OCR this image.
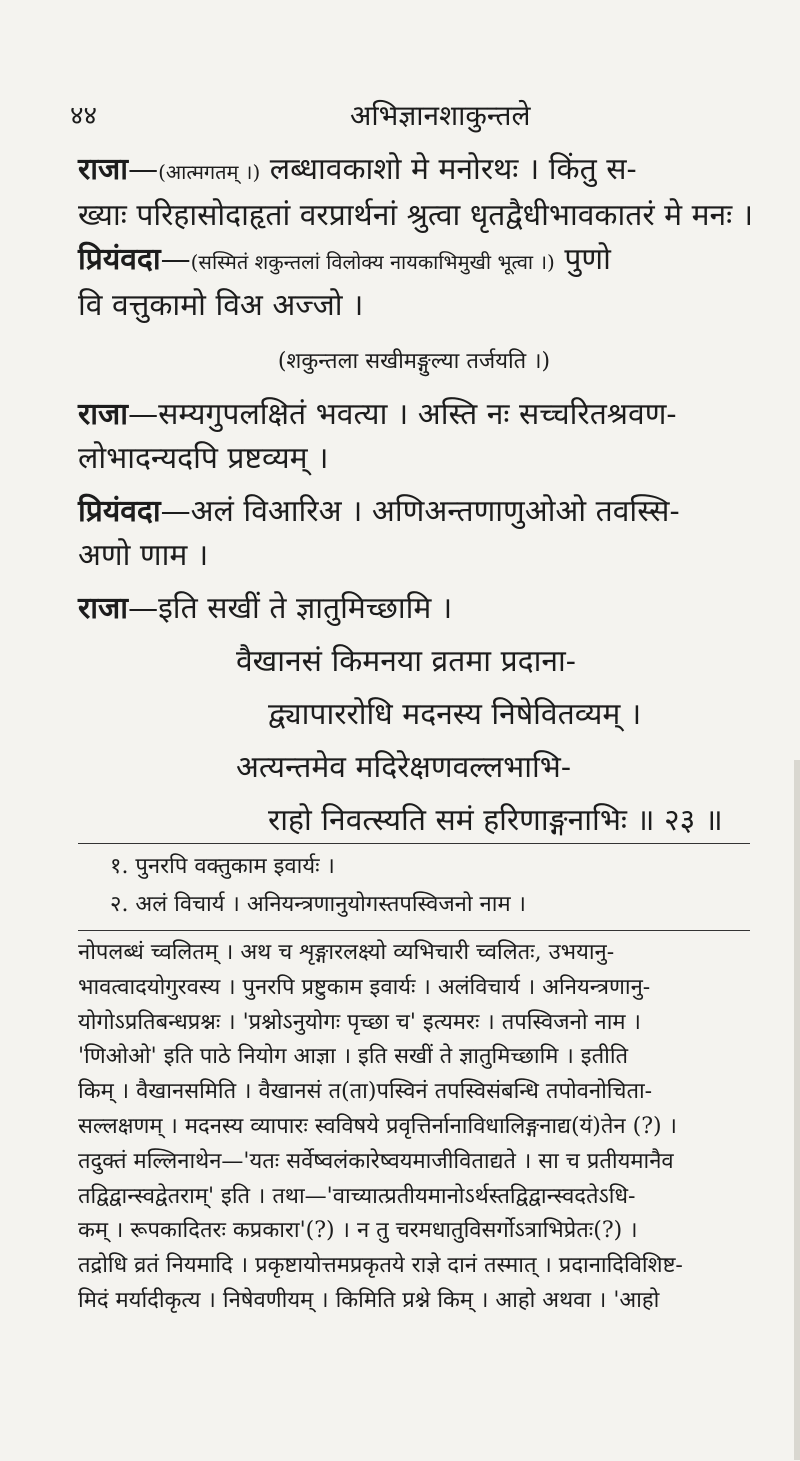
४४	अभिज्ञानशाकुन्तले
राजा—(आत्मगतम् ।) लब्धावकाशो मे मनोरथः । किंतु स-
ख्याः परिहासोदाहृतां वरप्रार्थनां श्रुत्वा धृतद्वैधीभावकातरं मे मनः ।
प्रियंवदा—(सस्मितं शकुन्तलां विलोक्य नायकाभिमुखी भूत्वा ।) पुणो
वि वत्तुकामो विअ अज्जो ।
(शकुन्तला सखीमङ्गुल्या तर्जयति ।)
राजा—सम्यगुपलक्षितं भवत्या । अस्ति नः सच्चरितश्रवण-
लोभादन्यदपि प्रष्टव्यम् ।
प्रियंवदा—अलं विआरिअ । अणिअन्तणाणुओओ तवस्सि-
अणो णाम ।
राजा—इति सखीं ते ज्ञातुमिच्छामि ।
वैखानसं किमनया व्रतमा प्रदाना-
द्व्यापाररोधि मदनस्य निषेवितव्यम् ।
अत्यन्तमेव मदिरेक्षणवल्लभाभि-
राहो निवत्स्यति समं हरिणाङ्गनाभिः ॥ २३ ॥
१. पुनरपि वक्तुकाम इवार्यः ।
२. अलं विचार्य । अनियन्त्रणानुयोगस्तपस्विजनो नाम ।
नोपलब्धं च्वलितम् । अथ च शृङ्गारलक्ष्यो व्यभिचारी च्वलितः, उभयानु-
भावत्वादयोगुरवस्य । पुनरपि प्रष्टुकाम इवार्यः । अलंविचार्य । अनियन्त्रणानु-
योगोऽप्रतिबन्धप्रश्नः । 'प्रश्नोऽनुयोगः पृच्छा च' इत्यमरः । तपस्विजनो नाम ।
'णिओओ' इति पाठे नियोग आज्ञा । इति सखीं ते ज्ञातुमिच्छामि । इतीति
किम् । वैखानसमिति । वैखानसं त(ता)पस्विनं तपस्विसंबन्धि तपोवनोचिता-
सल्लक्षणम् । मदनस्य व्यापारः स्वविषये प्रवृत्तिर्नानाविधालिङ्गनाद्य(यं)तेन (?) ।
तदुक्तं मल्लिनाथेन—'यतः सर्वेष्वलंकारेष्वयमाजीविताद्यते । सा च प्रतीयमानैव
तद्विद्वान्स्वद्वेतराम्' इति । तथा—'वाच्यात्प्रतीयमानोऽर्थस्तद्विद्वान्स्वदतेऽधि-
कम् । रूपकादितरः कप्रकारा'(?) । न तु चरमधातुविसर्गोऽत्राभिप्रेतः(?) ।
तद्रोधि व्रतं नियमादि । प्रकृष्टायोत्तमप्रकृतये राज्ञे दानं तस्मात् । प्रदानादिविशिष्ट-
मिदं मर्यादीकृत्य । निषेवणीयम् । किमिति प्रश्ने किम् । आहो अथवा । 'आहो
